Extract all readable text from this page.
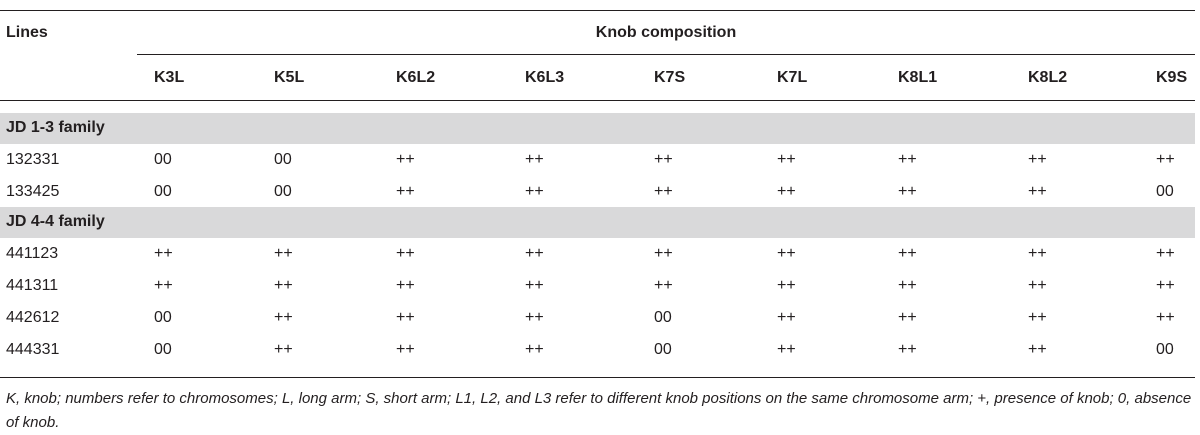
Lines	Knob composition
K3L	K5L	K6L2	K6L3	K7S	K7L	K8L1	K8L2	K9S
JD 1-3 family
132331	00	00	++	++	++	++	++	++	++
133425	00	00	++	++	++	++	++	++	00
JD 4-4 family
441123	++	++	++	++	++	++	++	++	++
441311	++	++	++	++	++	++	++	++	++
442612	00	++	++	++	00	++	++	++	++
444331	00	++	++	++	00	++	++	++	00
K, knob; numbers refer to chromosomes; L, long arm; S, short arm; L1, L2, and L3 refer to different knob positions on the same chromosome arm; +, presence of knob; 0, absence of knob.
